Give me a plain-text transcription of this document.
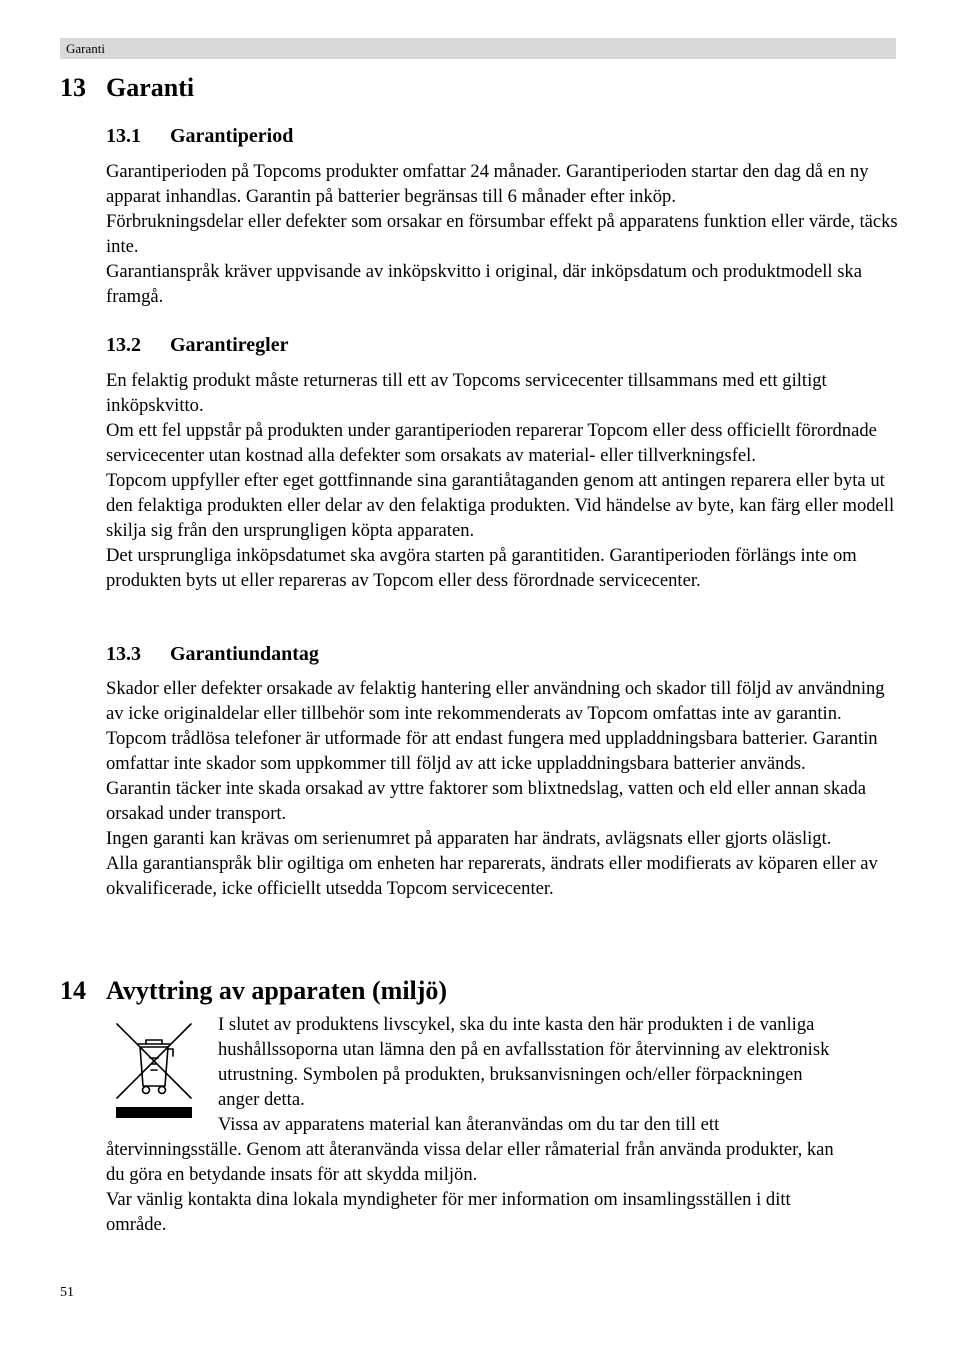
Garanti
13 Garanti
13.1 Garantiperiod

Garantiperioden på Topcoms produkter omfattar 24 månader. Garantiperioden startar den dag då en ny apparat inhandlas. Garantin på batterier begränsas till 6 månader efter inköp.

Förbrukningsdelar eller defekter som orsakar en försumbar effekt på apparatens funktion eller värde, täcks inte.

Garantianspråk kräver uppvisande av inköpskvitto i original, där inköpsdatum och produktmodell ska framgå.

13.2 Garantiregler

En felaktig produkt måste returneras till ett av Topcoms servicecenter tillsammans med ett giltigt inköpskvitto.

Om ett fel uppstår på produkten under garantiperioden reparerar Topcom eller dess officiellt förordnade servicecenter utan kostnad alla defekter som orsakats av material- eller tillverkningsfel.

Topcom uppfyller efter eget gottfinnande sina garantiåtaganden genom att antingen reparera eller byta ut den felaktiga produkten eller delar av den felaktiga produkten. Vid händelse av byte, kan färg eller modell skilja sig från den ursprungligen köpta apparaten.

Det ursprungliga inköpsdatumet ska avgöra starten på garantitiden. Garantiperioden förlängs inte om produkten byts ut eller repareras av Topcom eller dess förordnade servicecenter.

13.3 Garantiundantag

Skador eller defekter orsakade av felaktig hantering eller användning och skador till följd av användning av icke originaldelar eller tillbehör som inte rekommenderats av Topcom omfattas inte av garantin.

Topcom trådlösa telefoner är utformade för att endast fungera med uppladdningsbara batterier. Garantin omfattar inte skador som uppkommer till följd av att icke uppladdningsbara batterier används.

Garantin täcker inte skada orsakad av yttre faktorer som blixtnedslag, vatten och eld eller annan skada orsakad under transport.

Ingen garanti kan krävas om serienumret på apparaten har ändrats, avlägsnats eller gjorts oläsligt.

Alla garantianspråk blir ogiltiga om enheten har reparerats, ändrats eller modifierats av köparen eller av okvalificerade, icke officiellt utsedda Topcom servicecenter.

14 Avyttring av apparaten (miljö)

I slutet av produktens livscykel, ska du inte kasta den här produkten i de vanliga

hushållssoporna utan lämna den på en avfallsstation för återvinning av elektronisk

utrustning. Symbolen på produkten, bruksanvisningen och/eller förpackningen

anger detta.

Vissa av apparatens material kan återanvändas om du tar den till ett

återvinningsställe. Genom att återanvända vissa delar eller råmaterial från använda produkter, kan

du göra en betydande insats för att skydda miljön.

Var vänlig kontakta dina lokala myndigheter för mer information om insamlingsställen i ditt

område.

51
